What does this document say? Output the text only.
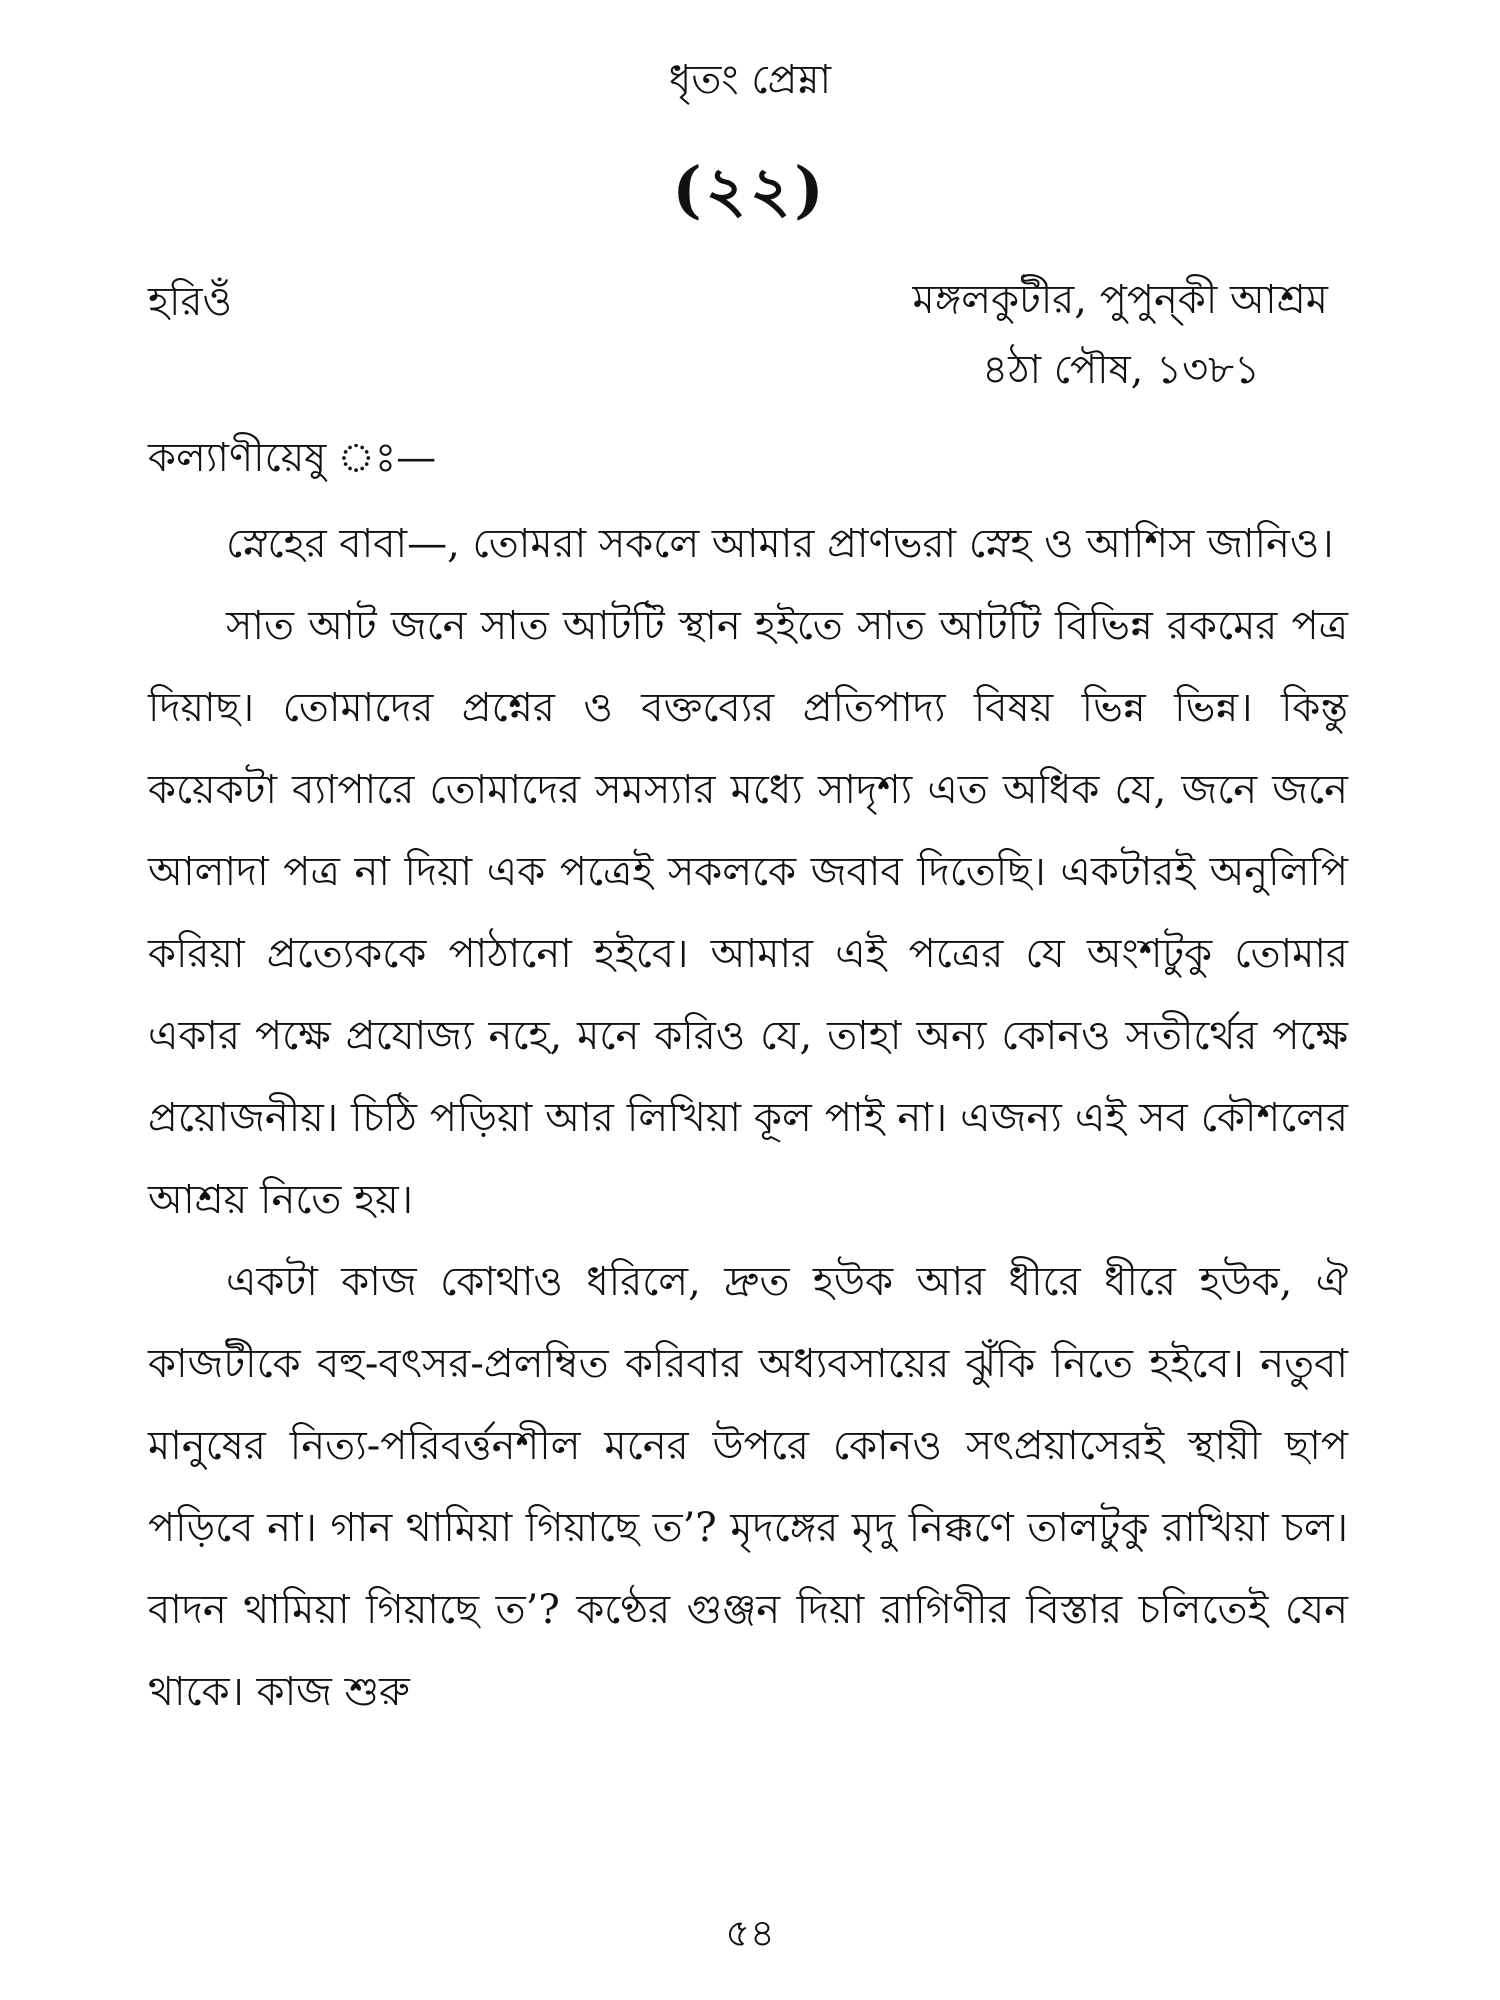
ধৃতং প্রেম্না
(২২)
হরিওঁ	মঙ্গলকুটীর, পুপুন্কী আশ্রম
৪ঠা পৌষ, ১৩৮১
কল্যাণীয়েষু ঃ—

স্নেহের বাবা—, তোমরা সকলে আমার প্রাণভরা স্নেহ ও আশিস জানিও।

সাত আট জনে সাত আটটি স্থান হইতে সাত আটটি বিভিন্ন রকমের পত্র দিয়াছ। তোমাদের প্রশ্নের ও বক্তব্যের প্রতিপাদ্য বিষয় ভিন্ন ভিন্ন। কিন্তু কয়েকটা ব্যাপারে তোমাদের সমস্যার মধ্যে সাদৃশ্য এত অধিক যে, জনে জনে আলাদা পত্র না দিয়া এক পত্রেই সকলকে জবাব দিতেছি। একটারই অনুলিপি করিয়া প্রত্যেককে পাঠানো হইবে। আমার এই পত্রের যে অংশটুকু তোমার একার পক্ষে প্রযোজ্য নহে, মনে করিও যে, তাহা অন্য কোনও সতীর্থের পক্ষে প্রয়োজনীয়। চিঠি পড়িয়া আর লিখিয়া কূল পাই না। এজন্য এই সব কৌশলের আশ্রয় নিতে হয়।

একটা কাজ কোথাও ধরিলে, দ্রুত হউক আর ধীরে ধীরে হউক, ঐ কাজটীকে বহু-বৎসর-প্রলম্বিত করিবার অধ্যবসায়ের ঝুঁকি নিতে হইবে। নতুবা মানুষের নিত্য-পরিবর্ত্তনশীল মনের উপরে কোনও সৎপ্রয়াসেরই স্থায়ী ছাপ পড়িবে না। গান থামিয়া গিয়াছে ত’? মৃদঙ্গের মৃদু নিক্কণে তালটুকু রাখিয়া চল। বাদন থামিয়া গিয়াছে ত’? কণ্ঠের গুঞ্জন দিয়া রাগিণীর বিস্তার চলিতেই যেন থাকে। কাজ শুরু

৫৪
